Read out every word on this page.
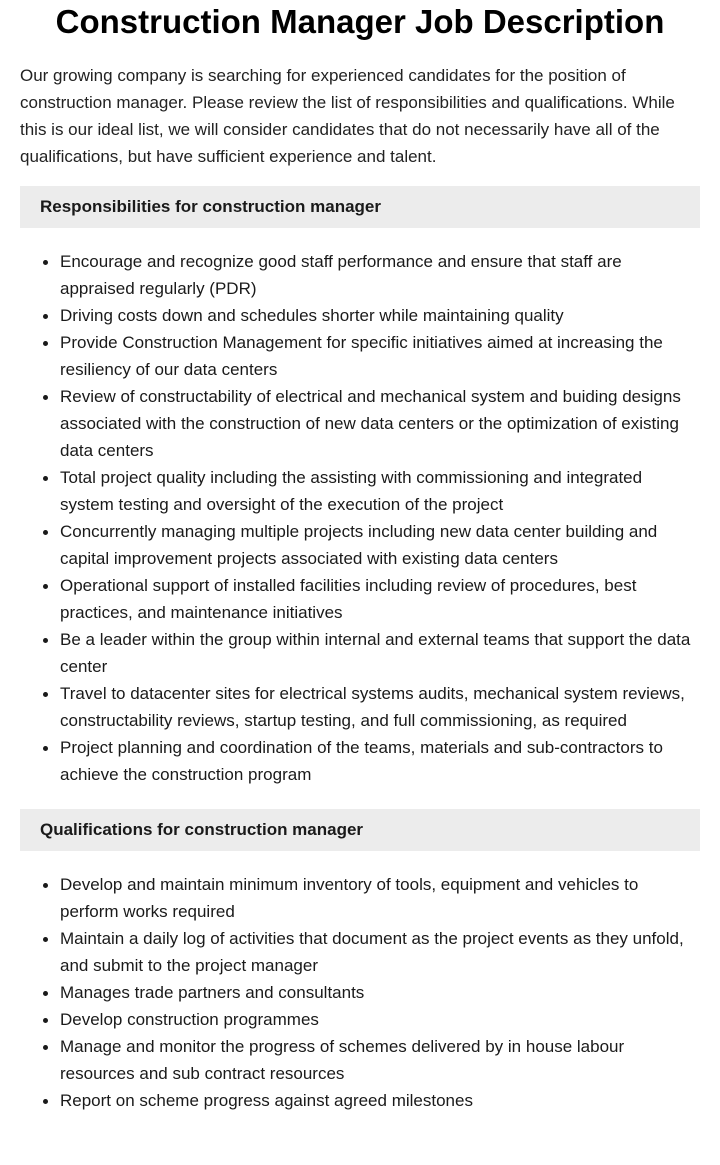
Construction Manager Job Description

Our growing company is searching for experienced candidates for the position of construction manager. Please review the list of responsibilities and qualifications. While this is our ideal list, we will consider candidates that do not necessarily have all of the qualifications, but have sufficient experience and talent.

Responsibilities for construction manager
Encourage and recognize good staff performance and ensure that staff are appraised regularly (PDR)
Driving costs down and schedules shorter while maintaining quality
Provide Construction Management for specific initiatives aimed at increasing the resiliency of our data centers
Review of constructability of electrical and mechanical system and buiding designs associated with the construction of new data centers or the optimization of existing data centers
Total project quality including the assisting with commissioning and integrated system testing and oversight of the execution of the project
Concurrently managing multiple projects including new data center building and capital improvement projects associated with existing data centers
Operational support of installed facilities including review of procedures, best practices, and maintenance initiatives
Be a leader within the group within internal and external teams that support the data center
Travel to datacenter sites for electrical systems audits, mechanical system reviews, constructability reviews, startup testing, and full commissioning, as required
Project planning and coordination of the teams, materials and sub-contractors to achieve the construction program
Qualifications for construction manager
Develop and maintain minimum inventory of tools, equipment and vehicles to perform works required
Maintain a daily log of activities that document as the project events as they unfold, and submit to the project manager
Manages trade partners and consultants
Develop construction programmes
Manage and monitor the progress of schemes delivered by in house labour resources and sub contract resources
Report on scheme progress against agreed milestones
